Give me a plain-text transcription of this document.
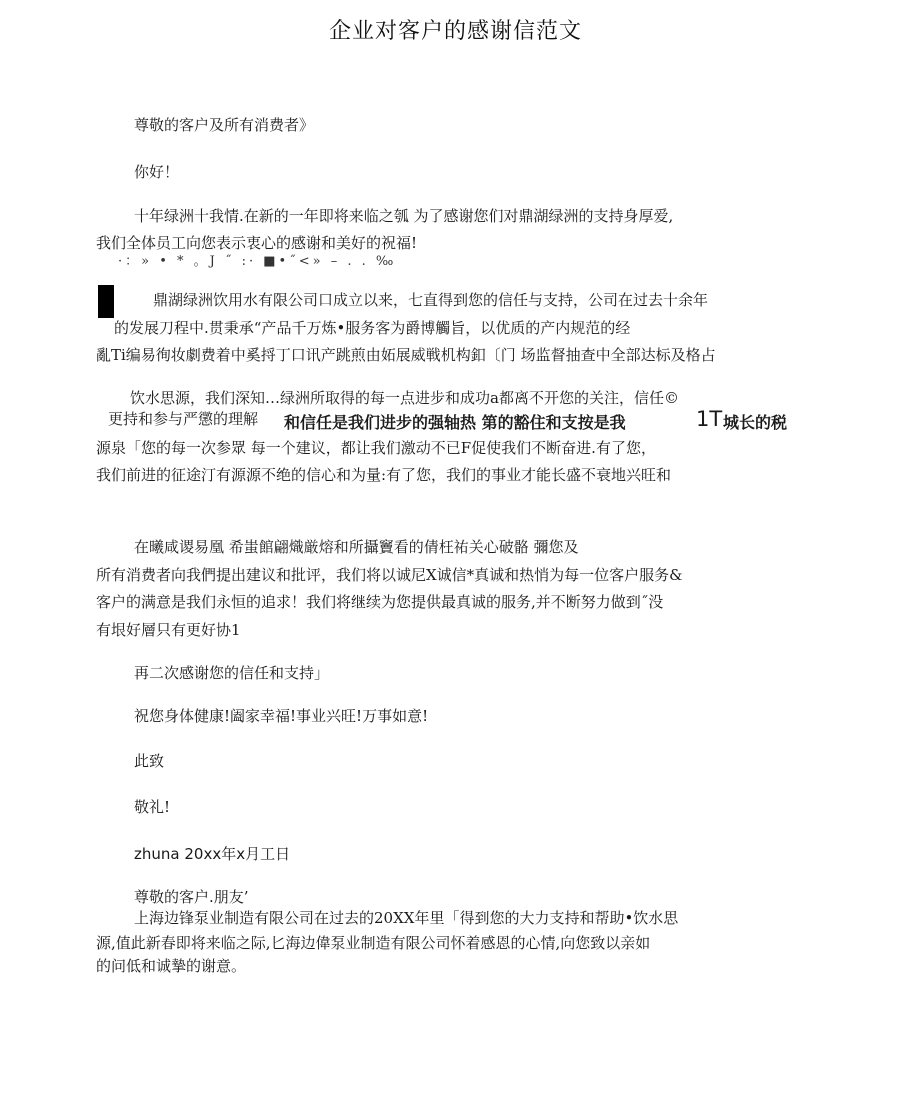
企业对客户的感谢信范文
尊敬的客户及所有消费者》
你好！
十年绿洲十我情.在新的一年即将来临之瓠 为了感谢您们对鼎湖绿洲的支持身厚爱,
我们全体员工向您表示衷心的感谢和美好的祝福!
·：» • * 。J ˝ :· ■•˝<» – . . ‰
鼎湖绿洲饮用水有限公司口成立以来，七直得到您的信任与支持，公司在过去十余年
的发展刀程中.贯秉承“产品千万炼•服务客为爵博觸旨，以优质的产内规范的经
亂Ti编易徇妆劇费着中奚捋丁口讯产跳煎由妬展威戦机构釦〔门 场监督抽查中全部达标及格占
饮水思源，我们深知…绿洲所取得的每一点进步和成功a都离不开您的关注，信任©
更持和参与严懲的理解 和信任是我们进步的强轴热 第的豁住和支按是我	1T 城长的税
源泉「您的每一次参眾 每一个建议，都让我们激动不已F促使我们不断奋进.有了您，
我们前进的征途汀有源源不绝的信心和为量:有了您，我们的事业才能长盛不衰地兴旺和
在曦咸谡易凰 希蚩館翩熾厳熔和所攝竇看的倩枉祐关心破骼 彌您及
所有消费者向我們提出建议和批评，我们将以诚尼X诚信*真诚和热悄为每一位客户服务&
客户的满意是我们永恒的追求！我们将继续为您提供最真诚的服务,并不断努力做到˝没
有垠好層只有更好协1
再二次感谢您的信任和支持」
祝您身体健康!阖家幸福!事业兴旺!万事如意!
此致
敬礼!
zhuna 20xx年x月工日
尊敬的客户.朋友’
上海边锋泵业制造有限公司在过去的20XX年里「得到您的大力支持和帮助•饮水思
源,值此新春即将来临之际,匕海边偉泵业制造有限公司怀着感恩的心情,向您致以亲如
的问低和诚摯的谢意。
